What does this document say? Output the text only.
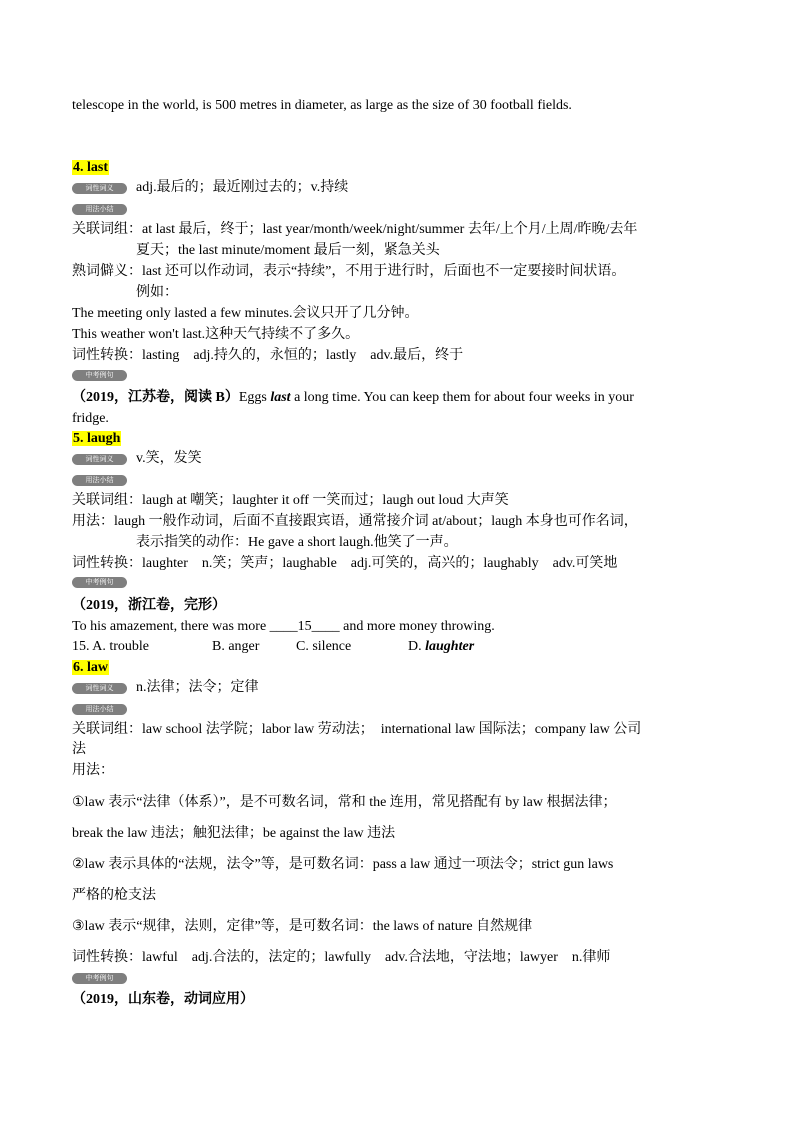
telescope in the world, is 500 metres in diameter, as large as the size of 30 football fields.
4. last
词性词义	adj.最后的；最近刚过去的；v.持续
用法小结
关联词组：at last 最后，终于；last year/month/week/night/summer 去年/上个月/上周/昨晚/去年
夏天；the last minute/moment 最后一刻，紧急关头
熟词僻义：last 还可以作动词，表示“持续”，不用于进行时，后面也不一定要接时间状语。
例如：
The meeting only lasted a few minutes.会议只开了几分钟。
This weather won't last.这种天气持续不了多久。
词性转换：lasting　adj.持久的，永恒的；lastly　adv.最后，终于
中考例句
（2019，江苏卷，阅读 B）Eggs last a long time. You can keep them for about four weeks in your
fridge.
5. laugh
词性词义	v.笑，发笑
用法小结
关联词组：laugh at 嘲笑；laughter it off 一笑而过；laugh out loud 大声笑
用法：laugh 一般作动词，后面不直接跟宾语，通常接介词 at/about；laugh 本身也可作名词，
表示指笑的动作：He gave a short laugh.他笑了一声。
词性转换：laughter　n.笑；笑声；laughable　adj.可笑的，高兴的；laughably　adv.可笑地
中考例句
（2019，浙江卷，完形）
To his amazement, there was more ____15____ and more money throwing.
15. A. trouble	B. anger	C. silence	D. laughter
6. law
词性词义	n.法律；法令；定律
用法小结
关联词组：law school 法学院；labor law 劳动法；　international law 国际法；company law 公司
法
用法：
①law 表示“法律（体系）”，是不可数名词，常和 the 连用，常见搭配有 by law 根据法律；
break the law 违法；触犯法律；be against the law 违法
②law 表示具体的“法规，法令”等，是可数名词：pass a law 通过一项法令；strict gun laws
严格的枪支法
③law 表示“规律，法则，定律”等，是可数名词：the laws of nature 自然规律
词性转换：lawful　adj.合法的，法定的；lawfully　adv.合法地，守法地；lawyer　n.律师
中考例句
（2019，山东卷，动词应用）
